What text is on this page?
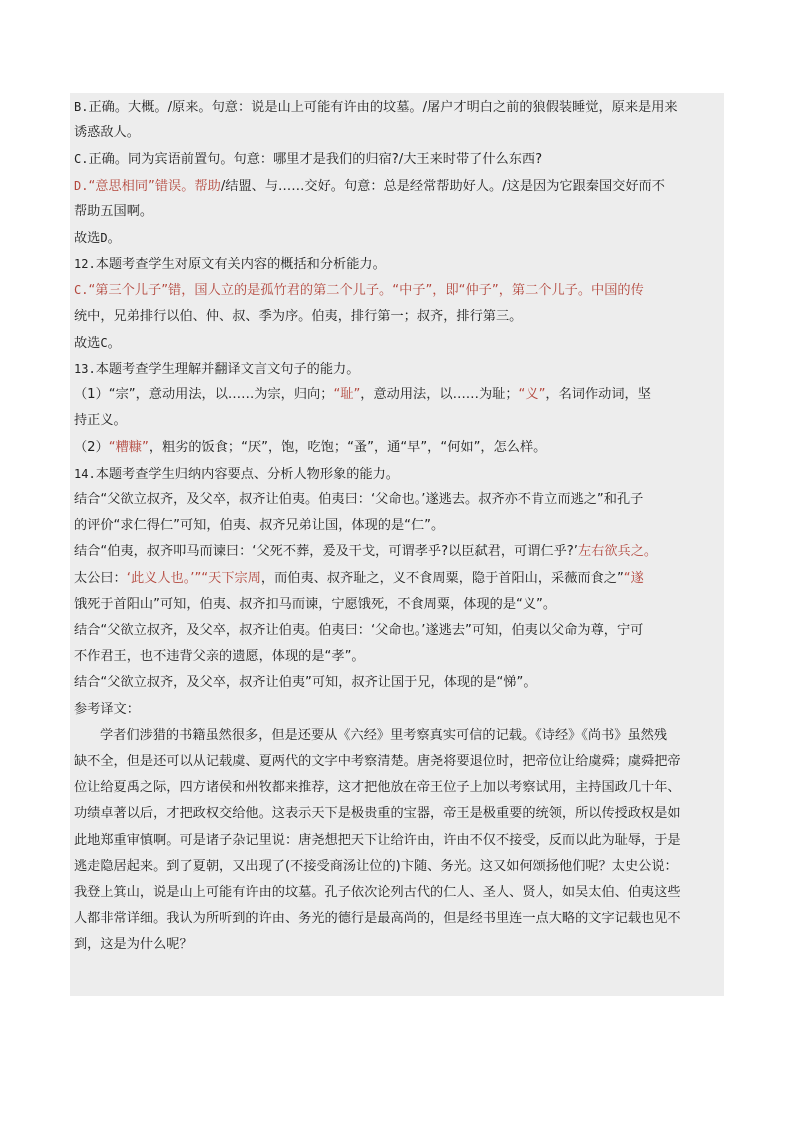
B.正确。大概。/原来。句意：说是山上可能有许由的坟墓。/屠户才明白之前的狼假装睡觉，原来是用来
诱惑敌人。
C.正确。同为宾语前置句。句意：哪里才是我们的归宿?/大王来时带了什么东西?
D.“意思相同”错误。帮助/结盟、与……交好。句意：总是经常帮助好人。/这是因为它跟秦国交好而不
帮助五国啊。
故选D。
12.本题考查学生对原文有关内容的概括和分析能力。
C.“第三个儿子”错，国人立的是孤竹君的第二个儿子。“中子”，即“仲子”，第二个儿子。中国的传
统中，兄弟排行以伯、仲、叔、季为序。伯夷，排行第一；叔齐，排行第三。
故选C。
13.本题考查学生理解并翻译文言文句子的能力。
（1）“宗”，意动用法，以……为宗，归向；“耻”，意动用法，以……为耻；“义”，名词作动词，坚
持正义。
（2）“糟糠”，粗劣的饭食；“厌”，饱，吃饱；“蚤”，通“早”，“何如”，怎么样。
14.本题考查学生归纳内容要点、分析人物形象的能力。
结合“父欲立叔齐，及父卒，叔齐让伯夷。伯夷曰：‘父命也。’遂逃去。叔齐亦不肯立而逃之”和孔子
的评价“求仁得仁”可知，伯夷、叔齐兄弟让国，体现的是“仁”。
结合“伯夷，叔齐叩马而谏曰：‘父死不葬，爰及干戈，可谓孝乎?以臣弑君，可谓仁乎?’左右欲兵之。
太公曰：‘此义人也。’”“天下宗周，而伯夷、叔齐耻之，义不食周粟，隐于首阳山，采薇而食之”“遂
饿死于首阳山”可知，伯夷、叔齐扣马而谏，宁愿饿死，不食周粟，体现的是“义”。
结合“父欲立叔齐，及父卒，叔齐让伯夷。伯夷曰：‘父命也。’遂逃去”可知，伯夷以父命为尊，宁可
不作君王，也不违背父亲的遗愿，体现的是“孝”。
结合“父欲立叔齐，及父卒，叔齐让伯夷”可知，叔齐让国于兄，体现的是“悌”。
参考译文：
学者们涉猎的书籍虽然很多，但是还要从《六经》里考察真实可信的记载。《诗经》《尚书》虽然残
缺不全，但是还可以从记载虞、夏两代的文字中考察清楚。唐尧将要退位时，把帝位让给虞舜；虞舜把帝
位让给夏禹之际，四方诸侯和州牧都来推荐，这才把他放在帝王位子上加以考察试用，主持国政几十年、
功绩卓著以后，才把政权交给他。这表示天下是极贵重的宝器，帝王是极重要的统领，所以传授政权是如
此地郑重审慎啊。可是诸子杂记里说：唐尧想把天下让给许由，许由不仅不接受，反而以此为耻辱，于是
逃走隐居起来。到了夏朝，又出现了(不接受商汤让位的)卞随、务光。这又如何颂扬他们呢？太史公说：
我登上箕山，说是山上可能有许由的坟墓。孔子依次论列古代的仁人、圣人、贤人，如吴太伯、伯夷这些
人都非常详细。我认为所听到的许由、务光的德行是最高尚的，但是经书里连一点大略的文字记载也见不
到，这是为什么呢？
